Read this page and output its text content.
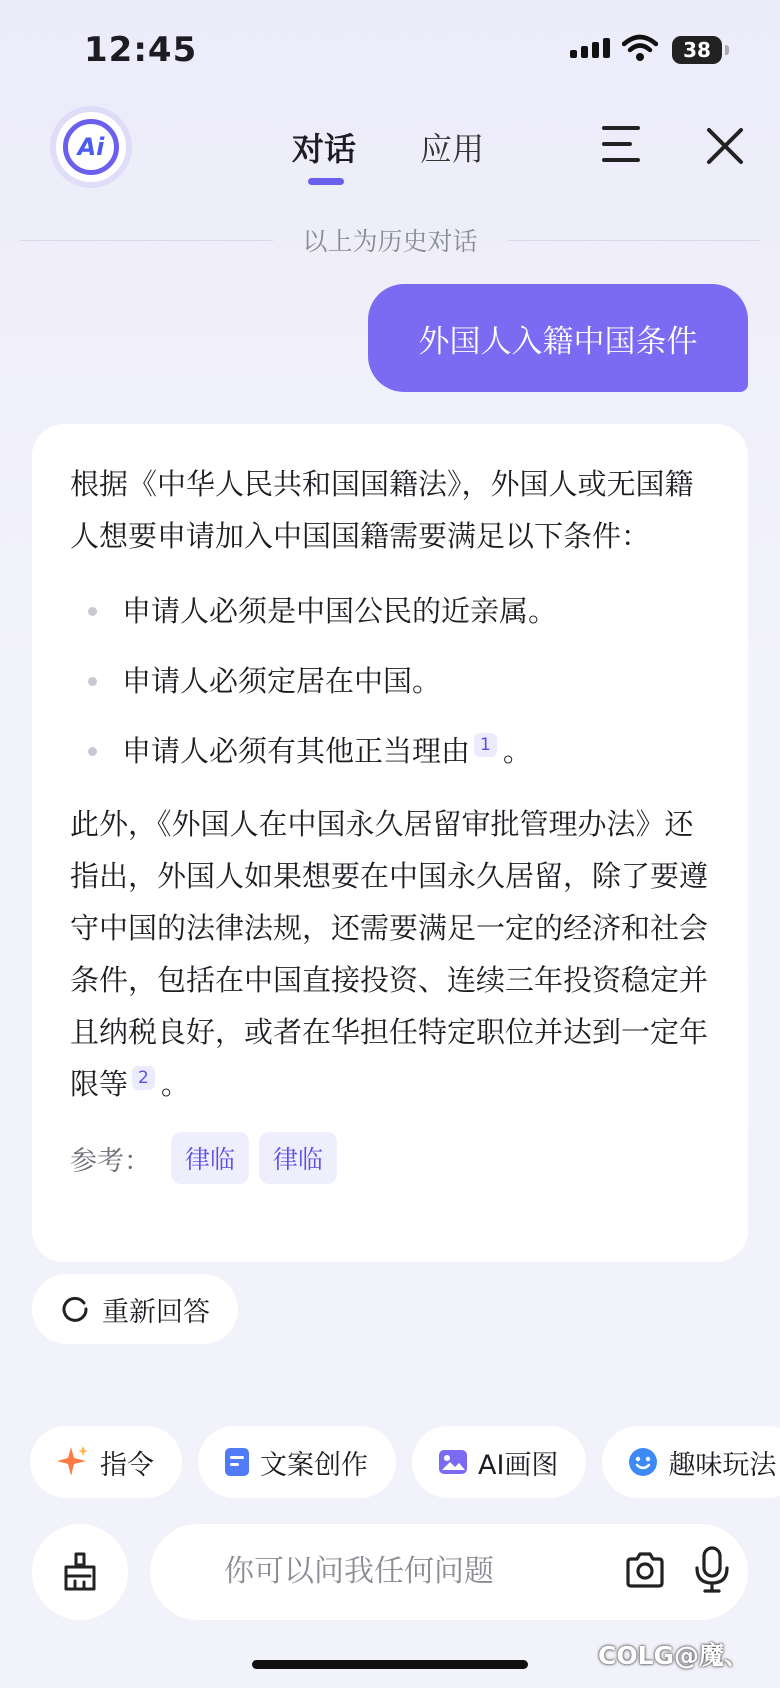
12:45	38
Ai	对话 应用
以上为历史对话
外国人入籍中国条件

根据《中华人民共和国国籍法》，外国人或无国籍人想要申请加入中国国籍需要满足以下条件：

申请人必须是中国公民的近亲属。
申请人必须定居在中国。
申请人必须有其他正当理由 $^1$ 。

此外，《外国人在中国永久居留审批管理办法》还指出，外国人如果想要在中国永久居留，除了要遵守中国的法律法规，还需要满足一定的经济和社会条件，包括在中国直接投资、连续三年投资稳定并且纳税良好，或者在华担任特定职位并达到一定年限等 $^2$ 。

参考：	律临	律临
重新回答
指令	文案创作	AI画图	趣味玩法
你可以问我任何问题
COLG@魔、
